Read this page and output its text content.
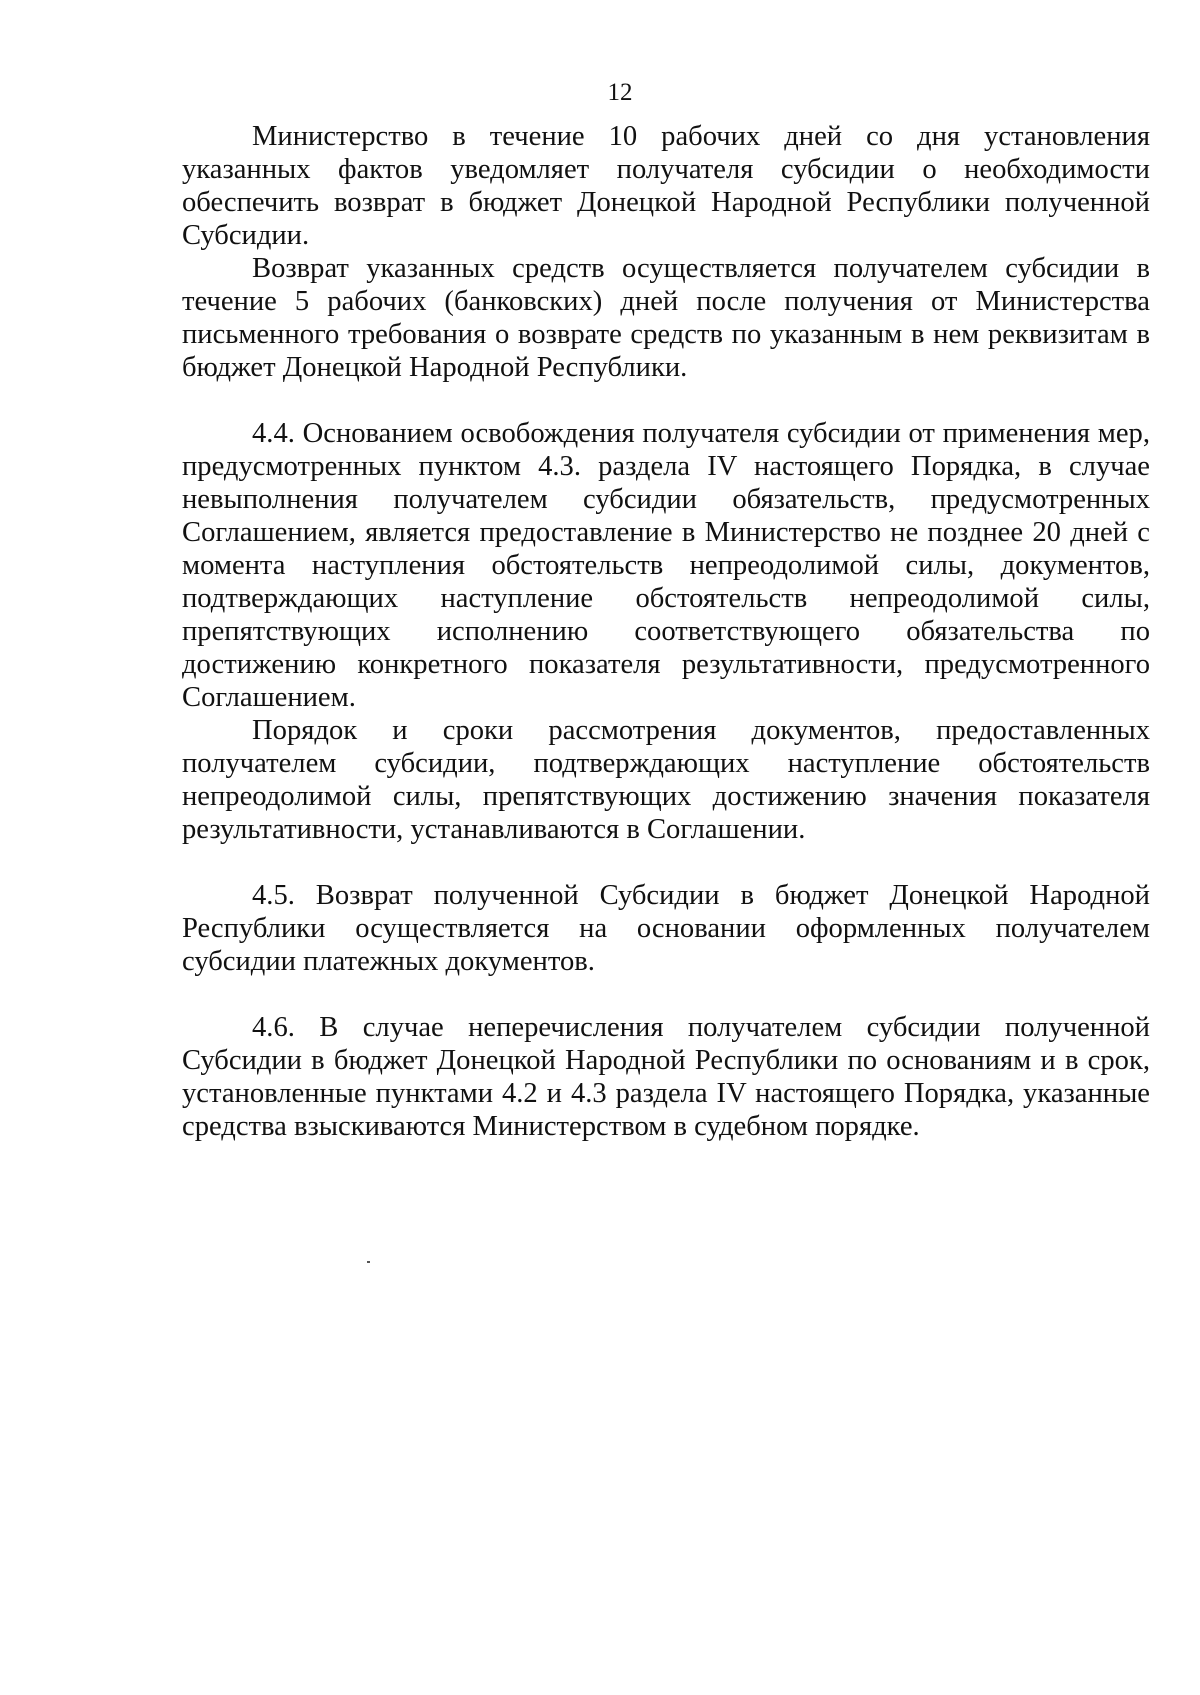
12

Министерство в течение 10 рабочих дней со дня установления указанных фактов уведомляет получателя субсидии о необходимости обеспечить возврат в бюджет Донецкой Народной Республики полученной Субсидии.

Возврат указанных средств осуществляется получателем субсидии в течение 5 рабочих (банковских) дней после получения от Министерства письменного требования о возврате средств по указанным в нем реквизитам в бюджет Донецкой Народной Республики.

4.4. Основанием освобождения получателя субсидии от применения мер, предусмотренных пунктом 4.3. раздела IV настоящего Порядка, в случае невыполнения получателем субсидии обязательств, предусмотренных Соглашением, является предоставление в Министерство не позднее 20 дней с момента наступления обстоятельств непреодолимой силы, документов, подтверждающих наступление обстоятельств непреодолимой силы, препятствующих исполнению соответствующего обязательства по достижению конкретного показателя результативности, предусмотренного Соглашением.

Порядок и сроки рассмотрения документов, предоставленных получателем субсидии, подтверждающих наступление обстоятельств непреодолимой силы, препятствующих достижению значения показателя результативности, устанавливаются в Соглашении.

4.5. Возврат полученной Субсидии в бюджет Донецкой Народной Республики осуществляется на основании оформленных получателем субсидии платежных документов.

4.6. В случае неперечисления получателем субсидии полученной Субсидии в бюджет Донецкой Народной Республики по основаниям и в срок, установленные пунктами 4.2 и 4.3 раздела IV настоящего Порядка, указанные средства взыскиваются Министерством в судебном порядке.
